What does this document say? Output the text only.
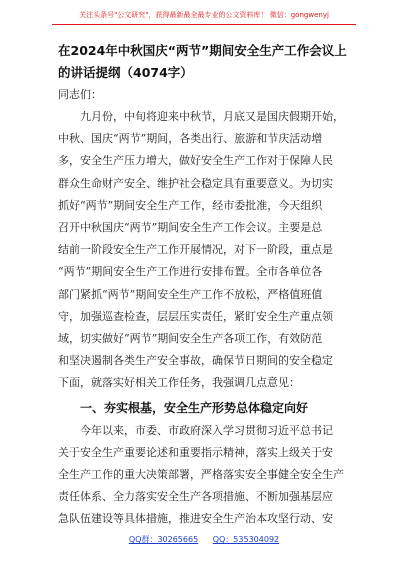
关注头条号"公文研究"，获得最新最全最专业的公文资料库！ 微信：gongwenyj
在2024年中秋国庆“两节”期间安全生产工作会议上的讲话提纲（4074字）

同志们：

　　九月份，中旬将迎来中秋节，月底又是国庆假期开始，
中秋、国庆“两节”期间，各类出行、旅游和节庆活动增
多，安全生产压力增大，做好安全生产工作对于保障人民
群众生命财产安全、维护社会稳定具有重要意义。为切实
抓好“两节”期间安全生产工作，经市委批准，今天组织
召开中秋国庆“两节”期间安全生产工作会议。主要是总
结前一阶段安全生产工作开展情况，对下一阶段，重点是
“两节”期间安全生产工作进行安排布置。全市各单位各
部门紧抓“两节”期间安全生产工作不放松，严格值班值
守，加强巡查检查，层层压实责任，紧盯安全生产重点领
域，切实做好“两节”期间安全生产各项工作，有效防范
和坚决遏制各类生产安全事故，确保节日期间的安全稳定
下面，就落实好相关工作任务，我强调几点意见：

一、夯实根基，安全生产形势总体稳定向好

　　今年以来，市委、市政府深入学习贯彻习近平总书记
关于安全生产重要论述和重要指示精神，落实上级关于安
全生产工作的重大决策部署，严格落实安全事健全安全生产
责任体系、全力落实安全生产各项措施、不断加强基层应
急队伍建设等具体措施，推进安全生产治本攻坚行动、安

QQ群：30265665 QQ：535304092
